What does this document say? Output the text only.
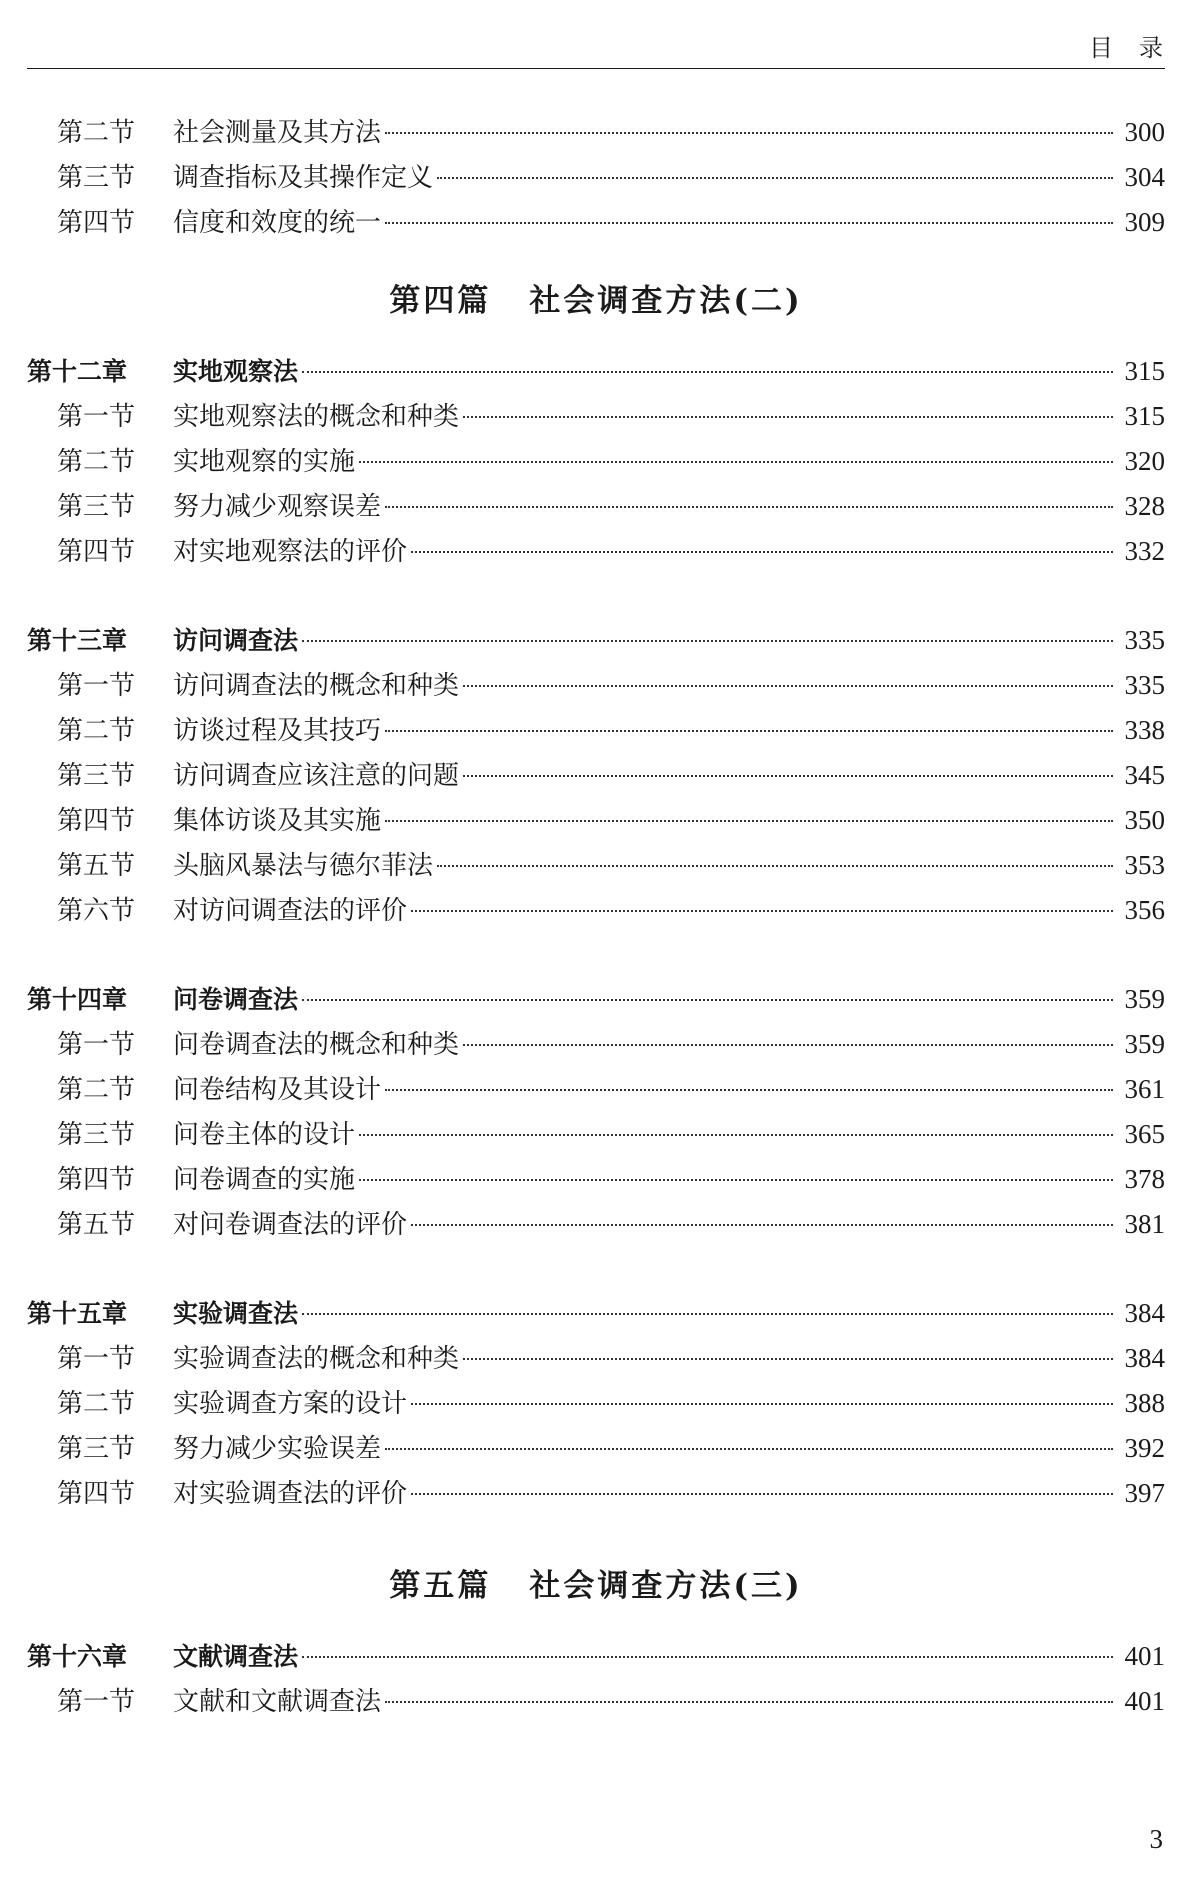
目录
第二节	社会测量及其方法	300
第三节	调查指标及其操作定义	304
第四节	信度和效度的统一	309
第四篇 社会调查方法(二)
第十二章	实地观察法	315
第一节	实地观察法的概念和种类	315
第二节	实地观察的实施	320
第三节	努力减少观察误差	328
第四节	对实地观察法的评价	332
第十三章	访问调查法	335
第一节	访问调查法的概念和种类	335
第二节	访谈过程及其技巧	338
第三节	访问调查应该注意的问题	345
第四节	集体访谈及其实施	350
第五节	头脑风暴法与德尔菲法	353
第六节	对访问调查法的评价	356
第十四章	问卷调查法	359
第一节	问卷调查法的概念和种类	359
第二节	问卷结构及其设计	361
第三节	问卷主体的设计	365
第四节	问卷调查的实施	378
第五节	对问卷调查法的评价	381
第十五章	实验调查法	384
第一节	实验调查法的概念和种类	384
第二节	实验调查方案的设计	388
第三节	努力减少实验误差	392
第四节	对实验调查法的评价	397
第五篇 社会调查方法(三)
第十六章	文献调查法	401
第一节	文献和文献调查法	401
3
